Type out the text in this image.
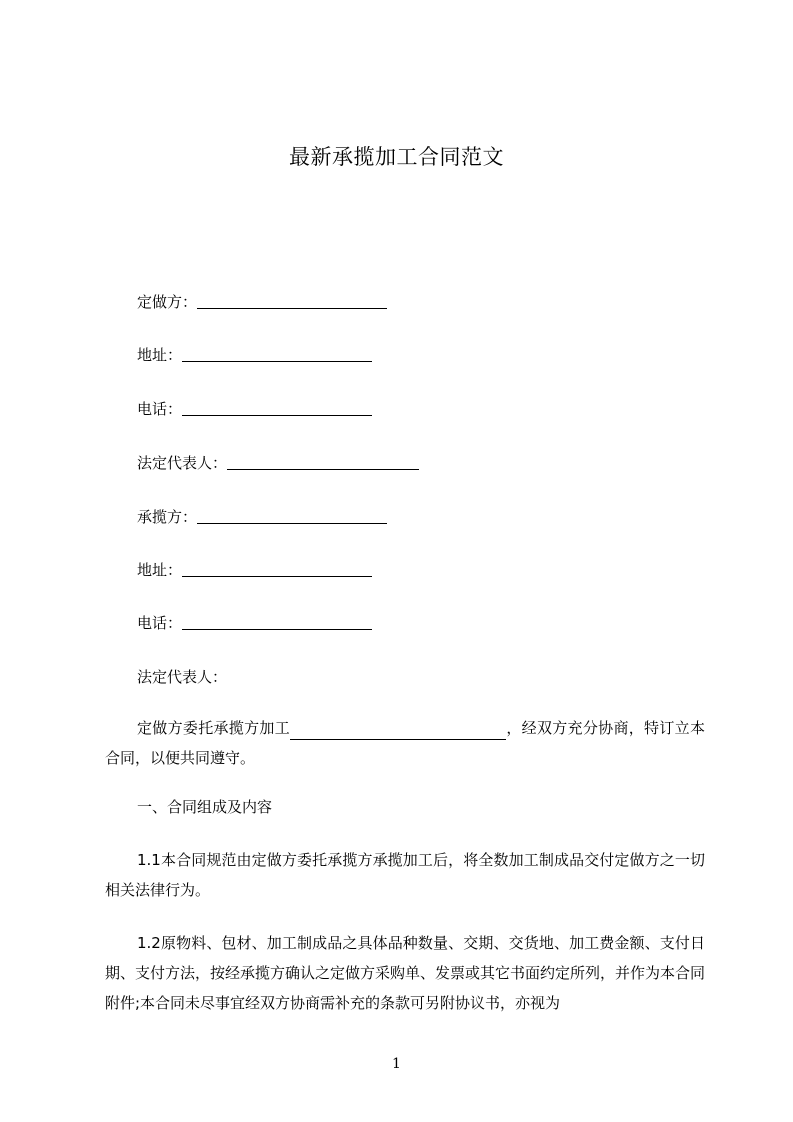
最新承揽加工合同范文
定做方：
地址：
电话：
法定代表人：
承揽方：
地址：
电话：
法定代表人：
定做方委托承揽方加工	，经双方充分协商，特订立本合同，以便共同遵守。
一、合同组成及内容
1.1本合同规范由定做方委托承揽方承揽加工后，将全数加工制成品交付定做方之一切相关法律行为。
1.2原物料、包材、加工制成品之具体品种数量、交期、交货地、加工费金额、支付日期、支付方法，按经承揽方确认之定做方采购单、发票或其它书面约定所列，并作为本合同附件;本合同未尽事宜经双方协商需补充的条款可另附协议书，亦视为
1
